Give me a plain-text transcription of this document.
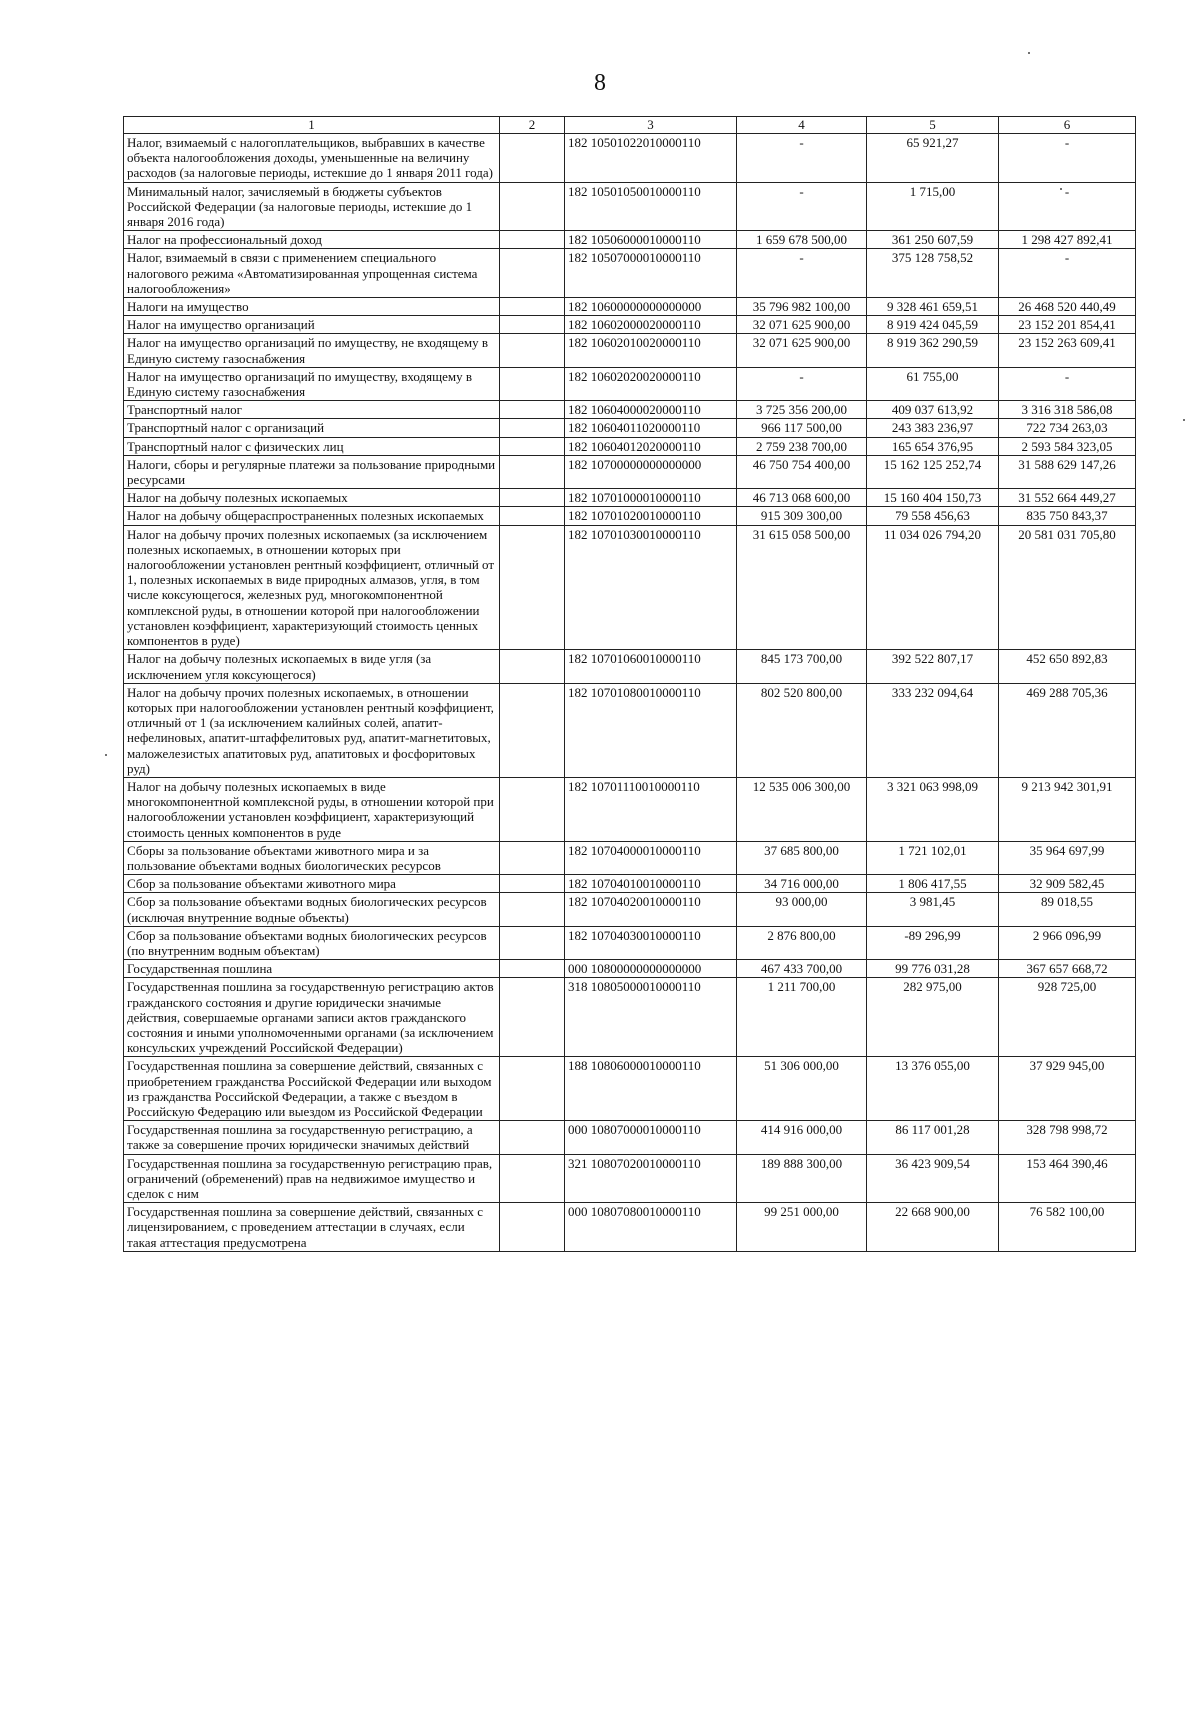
8
1	2	3	4	5	6
Налог, взимаемый с налогоплательщиков, выбравших в качестве объекта налогообложения доходы, уменьшенные на величину расходов (за налоговые периоды, истекшие до 1 января 2011 года)		182 10501022010000110	-	65 921,27	-
Минимальный налог, зачисляемый в бюджеты субъектов Российской Федерации (за налоговые периоды, истекшие до 1 января 2016 года)		182 10501050010000110	-	1 715,00	-
Налог на профессиональный доход		182 10506000010000110	1 659 678 500,00	361 250 607,59	1 298 427 892,41
Налог, взимаемый в связи с применением специального налогового режима «Автоматизированная упрощенная система налогообложения»		182 10507000010000110	-	375 128 758,52	-
Налоги на имущество		182 10600000000000000	35 796 982 100,00	9 328 461 659,51	26 468 520 440,49
Налог на имущество организаций		182 10602000020000110	32 071 625 900,00	8 919 424 045,59	23 152 201 854,41
Налог на имущество организаций по имуществу, не входящему в Единую систему газоснабжения		182 10602010020000110	32 071 625 900,00	8 919 362 290,59	23 152 263 609,41
Налог на имущество организаций по имуществу, входящему в Единую систему газоснабжения		182 10602020020000110	-	61 755,00	-
Транспортный налог		182 10604000020000110	3 725 356 200,00	409 037 613,92	3 316 318 586,08
Транспортный налог с организаций		182 10604011020000110	966 117 500,00	243 383 236,97	722 734 263,03
Транспортный налог с физических лиц		182 10604012020000110	2 759 238 700,00	165 654 376,95	2 593 584 323,05
Налоги, сборы и регулярные платежи за пользование природными ресурсами		182 10700000000000000	46 750 754 400,00	15 162 125 252,74	31 588 629 147,26
Налог на добычу полезных ископаемых		182 10701000010000110	46 713 068 600,00	15 160 404 150,73	31 552 664 449,27
Налог на добычу общераспространенных полезных ископаемых		182 10701020010000110	915 309 300,00	79 558 456,63	835 750 843,37
Налог на добычу прочих полезных ископаемых (за исключением полезных ископаемых, в отношении которых при налогообложении установлен рентный коэффициент, отличный от 1, полезных ископаемых в виде природных алмазов, угля, в том числе коксующегося, железных руд, многокомпонентной комплексной руды, в отношении которой при налогообложении установлен коэффициент, характеризующий стоимость ценных компонентов в руде)		182 10701030010000110	31 615 058 500,00	11 034 026 794,20	20 581 031 705,80
Налог на добычу полезных ископаемых в виде угля (за исключением угля коксующегося)		182 10701060010000110	845 173 700,00	392 522 807,17	452 650 892,83
Налог на добычу прочих полезных ископаемых, в отношении которых при налогообложении установлен рентный коэффициент, отличный от 1 (за исключением калийных солей, апатит-нефелиновых, апатит-штаффелитовых руд, апатит-магнетитовых, маложелезистых апатитовых руд, апатитовых и фосфоритовых руд)		182 10701080010000110	802 520 800,00	333 232 094,64	469 288 705,36
Налог на добычу полезных ископаемых в виде многокомпонентной комплексной руды, в отношении которой при налогообложении установлен коэффициент, характеризующий стоимость ценных компонентов в руде		182 10701110010000110	12 535 006 300,00	3 321 063 998,09	9 213 942 301,91
Сборы за пользование объектами животного мира и за пользование объектами водных биологических ресурсов		182 10704000010000110	37 685 800,00	1 721 102,01	35 964 697,99
Сбор за пользование объектами животного мира		182 10704010010000110	34 716 000,00	1 806 417,55	32 909 582,45
Сбор за пользование объектами водных биологических ресурсов (исключая внутренние водные объекты)		182 10704020010000110	93 000,00	3 981,45	89 018,55
Сбор за пользование объектами водных биологических ресурсов (по внутренним водным объектам)		182 10704030010000110	2 876 800,00	-89 296,99	2 966 096,99
Государственная пошлина		000 10800000000000000	467 433 700,00	99 776 031,28	367 657 668,72
Государственная пошлина за государственную регистрацию актов гражданского состояния и другие юридически значимые действия, совершаемые органами записи актов гражданского состояния и иными уполномоченными органами (за исключением консульских учреждений Российской Федерации)		318 10805000010000110	1 211 700,00	282 975,00	928 725,00
Государственная пошлина за совершение действий, связанных с приобретением гражданства Российской Федерации или выходом из гражданства Российской Федерации, а также с въездом в Российскую Федерацию или выездом из Российской Федерации		188 10806000010000110	51 306 000,00	13 376 055,00	37 929 945,00
Государственная пошлина за государственную регистрацию, а также за совершение прочих юридически значимых действий		000 10807000010000110	414 916 000,00	86 117 001,28	328 798 998,72
Государственная пошлина за государственную регистрацию прав, ограничений (обременений) прав на недвижимое имущество и сделок с ним		321 10807020010000110	189 888 300,00	36 423 909,54	153 464 390,46
Государственная пошлина за совершение действий, связанных с лицензированием, с проведением аттестации в случаях, если такая аттестация предусмотрена		000 10807080010000110	99 251 000,00	22 668 900,00	76 582 100,00
